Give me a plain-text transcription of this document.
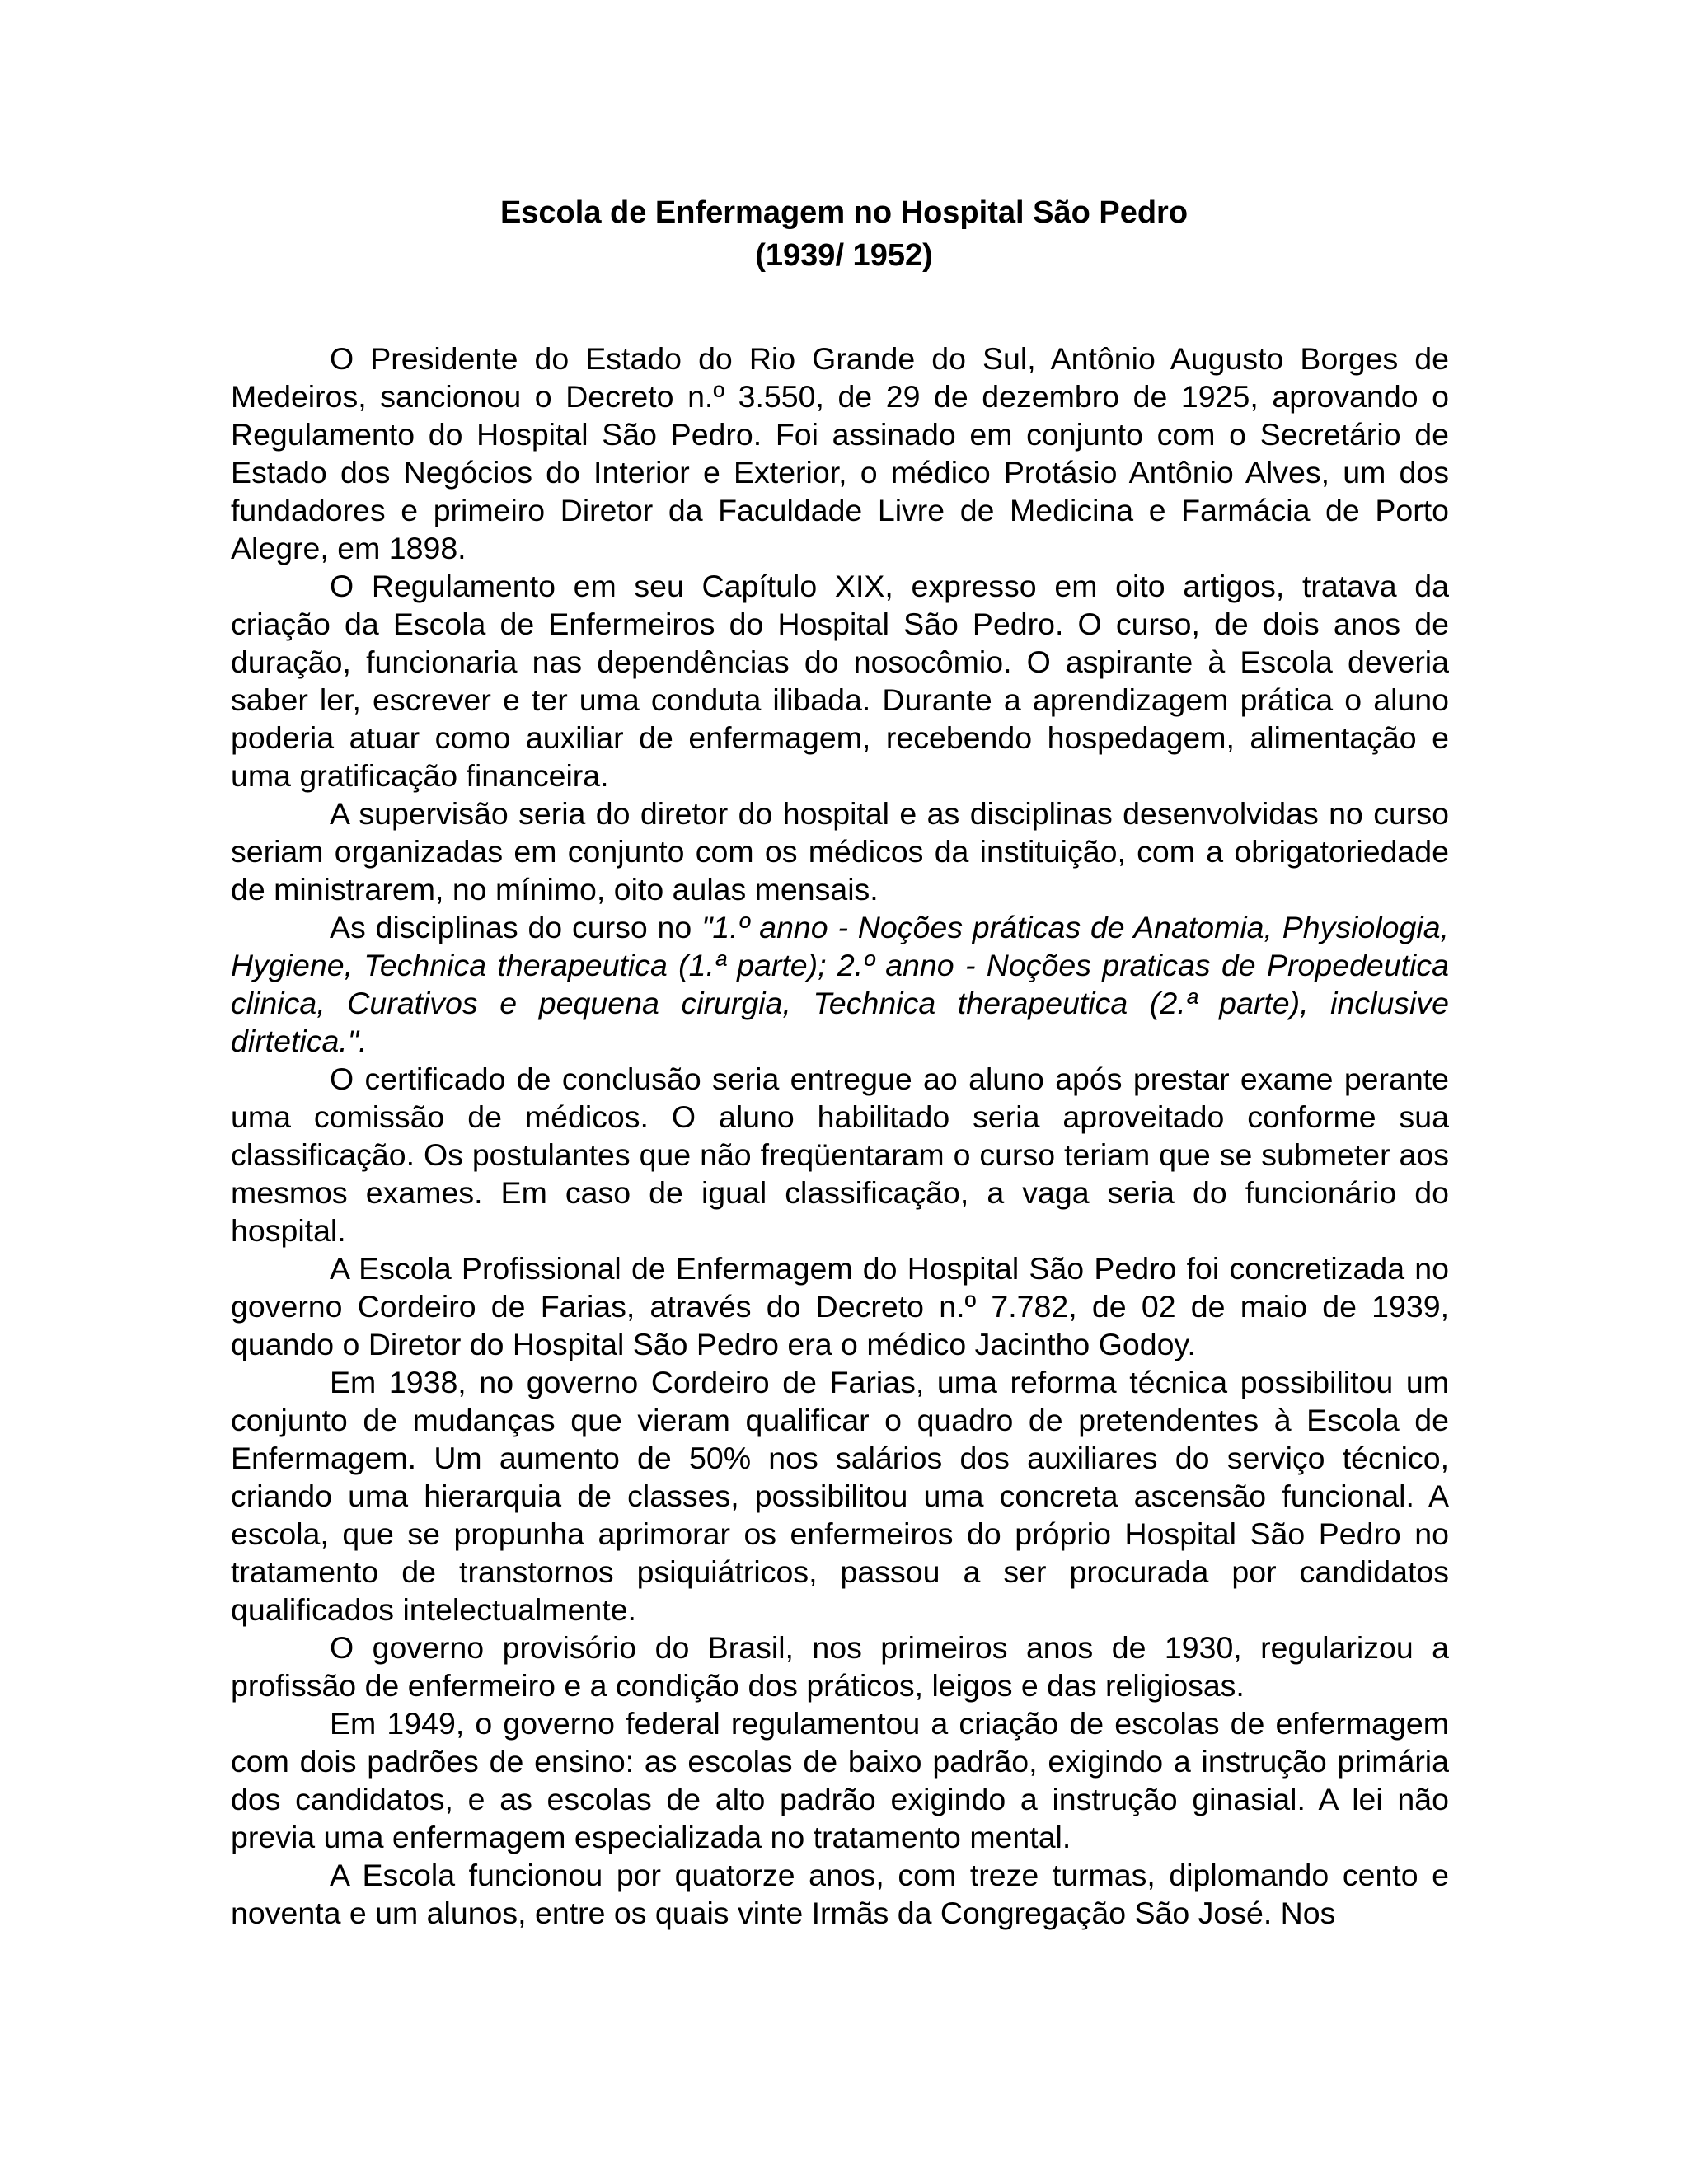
Escola de Enfermagem no Hospital São Pedro
(1939/ 1952)

O Presidente do Estado do Rio Grande do Sul, Antônio Augusto Borges de Medeiros, sancionou o Decreto n.º 3.550, de 29 de dezembro de 1925, aprovando o Regulamento do Hospital São Pedro. Foi assinado em conjunto com o Secretário de Estado dos Negócios do Interior e Exterior, o médico Protásio Antônio Alves, um dos fundadores e primeiro Diretor da Faculdade Livre de Medicina e Farmácia de Porto Alegre, em 1898.

O Regulamento em seu Capítulo XIX, expresso em oito artigos, tratava da criação da Escola de Enfermeiros do Hospital São Pedro. O curso, de dois anos de duração, funcionaria nas dependências do nosocômio. O aspirante à Escola deveria saber ler, escrever e ter uma conduta ilibada. Durante a aprendizagem prática o aluno poderia atuar como auxiliar de enfermagem, recebendo hospedagem, alimentação e uma gratificação financeira.

A supervisão seria do diretor do hospital e as disciplinas desenvolvidas no curso seriam organizadas em conjunto com os médicos da instituição, com a obrigatoriedade de ministrarem, no mínimo, oito aulas mensais.

As disciplinas do curso no "1.º anno - Noções práticas de Anatomia, Physiologia, Hygiene, Technica therapeutica (1.ª parte); 2.º anno - Noções praticas de Propedeutica clinica, Curativos e pequena cirurgia, Technica therapeutica (2.ª parte), inclusive dirtetica.".

O certificado de conclusão seria entregue ao aluno após prestar exame perante uma comissão de médicos. O aluno habilitado seria aproveitado conforme sua classificação. Os postulantes que não freqüentaram o curso teriam que se submeter aos mesmos exames. Em caso de igual classificação, a vaga seria do funcionário do hospital.

A Escola Profissional de Enfermagem do Hospital São Pedro foi concretizada no governo Cordeiro de Farias, através do Decreto n.º 7.782, de 02 de maio de 1939, quando o Diretor do Hospital São Pedro era o médico Jacintho Godoy.

Em 1938, no governo Cordeiro de Farias, uma reforma técnica possibilitou um conjunto de mudanças que vieram qualificar o quadro de pretendentes à Escola de Enfermagem. Um aumento de 50% nos salários dos auxiliares do serviço técnico, criando uma hierarquia de classes, possibilitou uma concreta ascensão funcional. A escola, que se propunha aprimorar os enfermeiros do próprio Hospital São Pedro no tratamento de transtornos psiquiátricos, passou a ser procurada por candidatos qualificados intelectualmente.

O governo provisório do Brasil, nos primeiros anos de 1930, regularizou a profissão de enfermeiro e a condição dos práticos, leigos e das religiosas.

Em 1949, o governo federal regulamentou a criação de escolas de enfermagem com dois padrões de ensino: as escolas de baixo padrão, exigindo a instrução primária dos candidatos, e as escolas de alto padrão exigindo a instrução ginasial. A lei não previa uma enfermagem especializada no tratamento mental.

A Escola funcionou por quatorze anos, com treze turmas, diplomando cento e noventa e um alunos, entre os quais vinte Irmãs da Congregação São José. Nos
